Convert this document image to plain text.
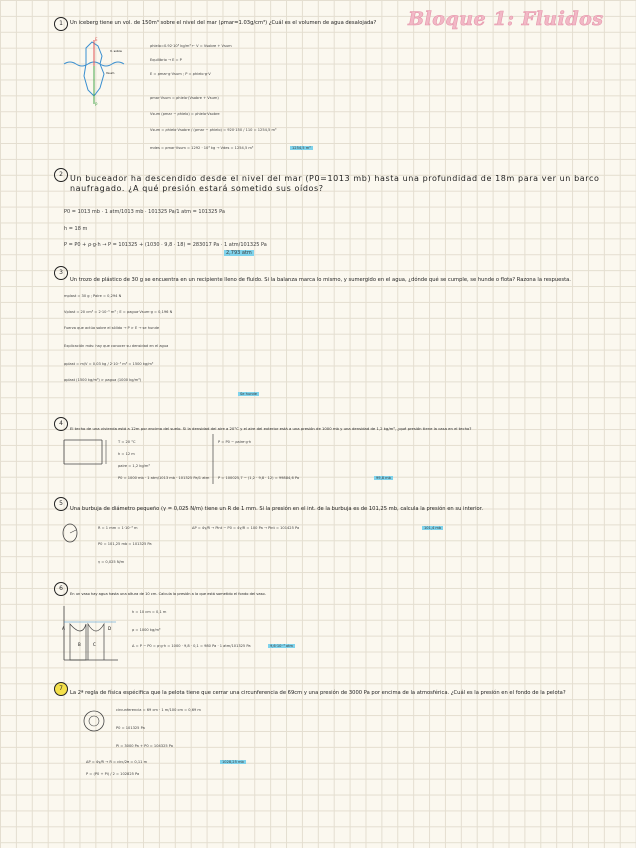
Bloque 1: Fluidos
1	Un iceberg tiene un vol. de 150m³ sobre el nivel del mar (ρmar=1.03g/cm³) ¿Cuál es el volumen de agua desalojada?
E
P
V. sobre
Vsum
ρhielo=0.92·10³ kg/m³ ← V = Vsobre + Vsum
Equilibrio → E = P
E = ρmar·g·Vsum ; P = ρhielo·g·V
ρmar·Vsum = ρhielo·(Vsobre + Vsum)
Vsum (ρmar − ρhielo) = ρhielo·Vsobre
Vsum = ρhielo·Vsobre / (ρmar − ρhielo) = 920·150 / 110 = 1254,5 m³
mdes = ρmar·Vsum = 1292 · 10³ kg → Vdes = 1254,5 m³	1254,5 m³
2 Un buceador ha descendido desde el nivel del mar (P0=1013 mb) hasta una profundidad de 18m para ver un barco naufragado. ¿A qué presión estará sometido sus oídos?
P0 = 1013 mb · 1 atm/1013 mb · 101325 Pa/1 atm = 101325 Pa
h = 18 m
P = P0 + ρ·g·h → P = 101325 + (1030 · 9,8 · 18) = 283017 Pa · 1 atm/101325 Pa
2,793 atm
3
Un trozo de plástico de 30 g se encuentra en un recipiente lleno de fluido. Si la balanza marca lo mismo, y sumergido en el agua, ¿dónde qué se cumple, se hunde o flota? Razona la respuesta.
mplast = 30 g ; Paire = 0,294 N
Vplast = 20 cm³ = 2·10⁻⁵ m³ ; E = ρagua·Vsum·g = 0,196 N
Fuerza que actúa sobre el sólido → P > E → se hunde
Explicación más: hay que conocer su densidad en el agua
ρplast = m/V = 0,03 kg / 2·10⁻⁵ m³ = 1500 kg/m³
ρplast (1500 kg/m³) > ρagua (1000 kg/m³)
Se hunde
4
El techo de una vivienda está a 12m por encima del suelo. Si la densidad del aire a 20°C y el aire del exterior está a una presión de 1000 mb y una densidad de 1,2 kg/m³, ¿qué presión tiene la casa en el techo?
T = 20 °C
h = 12 m
ρaire = 1,2 kg/m³
P0 = 1000 mb · 1 atm/1013 mb · 101325 Pa/1 atm
P = P0 − ρaire·g·h
P = 100025,7 − (1,2 · 9,8 · 12) = 99884,6 Pa	99,8 mb
5
Una burbuja de diámetro pequeño (γ = 0,025 N/m) tiene un R de 1 mm. Si la presión en el int. de la burbuja es de 101,25 mb, calcula la presión en su interior.
R = 1 mm = 1·10⁻³ m
P0 = 101,25 mb = 101325 Pa
γ = 0,025 N/m
ΔP = 4γ/R → Pint − P0 = 4γ/R = 100 Pa → Pint = 101425 Pa	101,4 mb
6
En un vaso hay agua hasta una altura de 10 cm. Calcula la presión a la que está sometido el fondo del vaso.
A
B	C
D
h = 10 cm = 0,1 m
ρ = 1000 kg/m³
Δ = P − P0 = ρ·g·h = 1000 · 9,8 · 0,1 = 980 Pa · 1 atm/101325 Pa	9,6·10⁻³ atm
7
La 2ª regla de física espécifica que la pelota tiene que cerrar una circunferencia de 69cm y una presión de 3000 Pa por encima de la atmosférica. ¿Cuál es la presión en el fondo de la pelota?
circunferencia = 69 cm · 1 m/100 cm = 0,69 m
P0 = 101325 Pa
Pi = 3000 Pa + P0 = 104325 Pa
ΔP = 4γ/R → R = circ/2π = 0,11 m
P = (P0 + Pi) / 2 = 102825 Pa
1028,25 mb
